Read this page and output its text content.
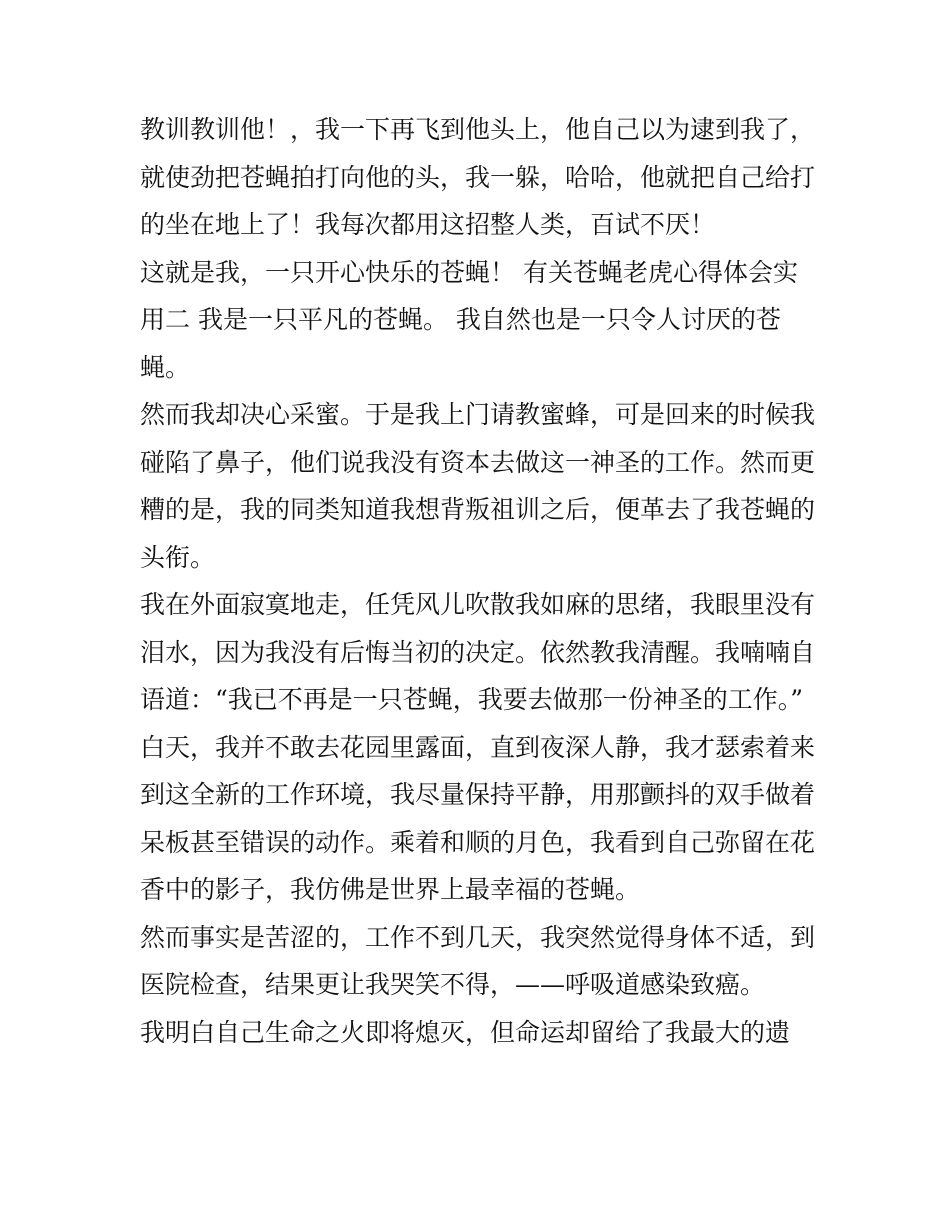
教训教训他！，我一下再飞到他头上，他自己以为逮到我了，
就使劲把苍蝇拍打向他的头，我一躲，哈哈，他就把自己给打
的坐在地上了！我每次都用这招整人类，百试不厌！
这就是我，一只开心快乐的苍蝇！ 有关苍蝇老虎心得体会实
用二 我是一只平凡的苍蝇。 我自然也是一只令人讨厌的苍
蝇。
然而我却决心采蜜。于是我上门请教蜜蜂，可是回来的时候我
碰陷了鼻子，他们说我没有资本去做这一神圣的工作。然而更
糟的是，我的同类知道我想背叛祖训之后，便革去了我苍蝇的
头衔。
我在外面寂寞地走，任凭风儿吹散我如麻的思绪，我眼里没有
泪水，因为我没有后悔当初的决定。依然教我清醒。我喃喃自
语道：“我已不再是一只苍蝇，我要去做那一份神圣的工作。”
白天，我并不敢去花园里露面，直到夜深人静，我才瑟索着来
到这全新的工作环境，我尽量保持平静，用那颤抖的双手做着
呆板甚至错误的动作。乘着和顺的月色，我看到自己弥留在花
香中的影子，我仿佛是世界上最幸福的苍蝇。
然而事实是苦涩的，工作不到几天，我突然觉得身体不适，到
医院检查，结果更让我哭笑不得，——呼吸道感染致癌。
我明白自己生命之火即将熄灭，但命运却留给了我最大的遗
